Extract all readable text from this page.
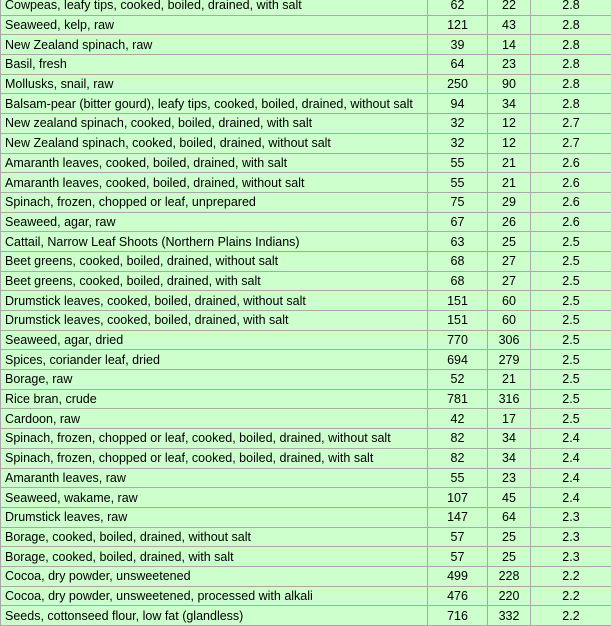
Cowpeas, leafy tips, cooked, boiled, drained, with salt	62	22	2.8
Seaweed, kelp, raw	121	43	2.8
New Zealand spinach, raw	39	14	2.8
Basil, fresh	64	23	2.8
Mollusks, snail, raw	250	90	2.8
Balsam-pear (bitter gourd), leafy tips, cooked, boiled, drained, without salt	94	34	2.8
New zealand spinach, cooked, boiled, drained, with salt	32	12	2.7
New Zealand spinach, cooked, boiled, drained, without salt	32	12	2.7
Amaranth leaves, cooked, boiled, drained, with salt	55	21	2.6
Amaranth leaves, cooked, boiled, drained, without salt	55	21	2.6
Spinach, frozen, chopped or leaf, unprepared	75	29	2.6
Seaweed, agar, raw	67	26	2.6
Cattail, Narrow Leaf Shoots (Northern Plains Indians)	63	25	2.5
Beet greens, cooked, boiled, drained, without salt	68	27	2.5
Beet greens, cooked, boiled, drained, with salt	68	27	2.5
Drumstick leaves, cooked, boiled, drained, without salt	151	60	2.5
Drumstick leaves, cooked, boiled, drained, with salt	151	60	2.5
Seaweed, agar, dried	770	306	2.5
Spices, coriander leaf, dried	694	279	2.5
Borage, raw	52	21	2.5
Rice bran, crude	781	316	2.5
Cardoon, raw	42	17	2.5
Spinach, frozen, chopped or leaf, cooked, boiled, drained, without salt	82	34	2.4
Spinach, frozen, chopped or leaf, cooked, boiled, drained, with salt	82	34	2.4
Amaranth leaves, raw	55	23	2.4
Seaweed, wakame, raw	107	45	2.4
Drumstick leaves, raw	147	64	2.3
Borage, cooked, boiled, drained, without salt	57	25	2.3
Borage, cooked, boiled, drained, with salt	57	25	2.3
Cocoa, dry powder, unsweetened	499	228	2.2
Cocoa, dry powder, unsweetened, processed with alkali	476	220	2.2
Seeds, cottonseed flour, low fat (glandless)	716	332	2.2
